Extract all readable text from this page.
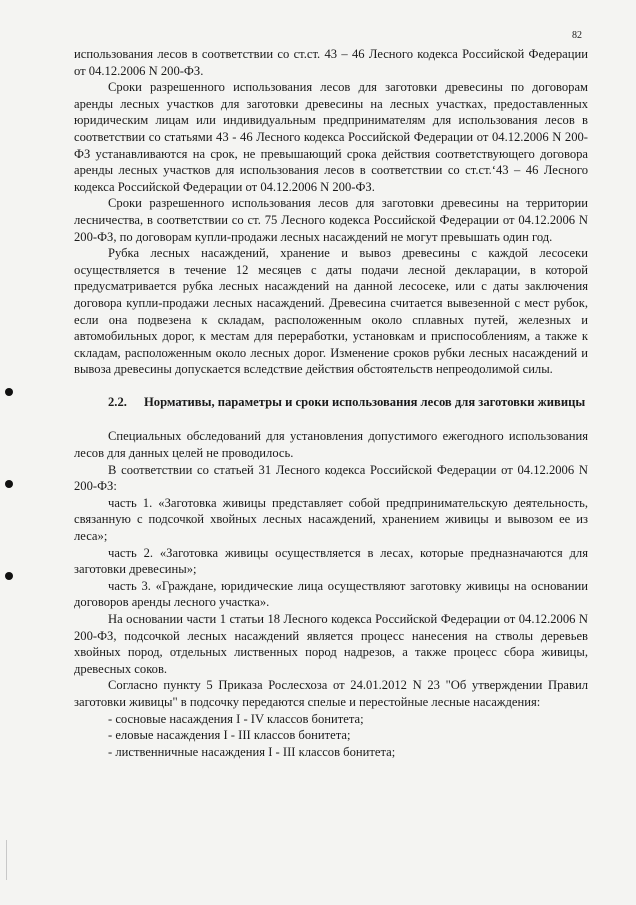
82

использования лесов в соответствии со ст.ст. 43 – 46 Лесного кодекса Российской Федерации от 04.12.2006 N 200-ФЗ.

Сроки разрешенного использования лесов для заготовки древесины по договорам аренды лесных участков для заготовки древесины на лесных участках, предоставленных юридическим лицам или индивидуальным предпринимателям для использования лесов в соответствии со статьями 43 - 46 Лесного кодекса Российской Федерации от 04.12.2006 N 200-ФЗ устанавливаются на срок, не превышающий срока действия соответствующего договора аренды лесных участков для использования лесов в соответствии со ст.ст.‘43 – 46 Лесного кодекса Российской Федерации от 04.12.2006 N 200-ФЗ.

Сроки разрешенного использования лесов для заготовки древесины на территории лесничества, в соответствии со ст. 75 Лесного кодекса Российской Федерации от 04.12.2006 N 200-ФЗ, по договорам купли-продажи лесных насаждений не могут превышать один год.

Рубка лесных насаждений, хранение и вывоз древесины с каждой лесосеки осуществляется в течение 12 месяцев с даты подачи лесной декларации, в которой предусматривается рубка лесных насаждений на данной лесосеке, или с даты заключения договора купли-продажи лесных насаждений. Древесина считается вывезенной с мест рубок, если она подвезена к складам, расположенным около сплавных путей, железных и автомобильных дорог, к местам для переработки, установкам и приспособлениям, а также к складам, расположенным около лесных дорог. Изменение сроков рубки лесных насаждений и вывоза древесины допускается вследствие действия обстоятельств непреодолимой силы.

2.2.	Нормативы, параметры и сроки использования лесов для заготовки живицы

Специальных обследований для установления допустимого ежегодного использования лесов для данных целей не проводилось.

В соответствии со статьей 31 Лесного кодекса Российской Федерации от 04.12.2006 N 200-ФЗ:

часть 1. «Заготовка живицы представляет собой предпринимательскую деятельность, связанную с подсочкой хвойных лесных насаждений, хранением живицы и вывозом ее из леса»;

часть 2. «Заготовка живицы осуществляется в лесах, которые предназначаются для заготовки древесины»;

часть 3. «Граждане, юридические лица осуществляют заготовку живицы на основании договоров аренды лесного участка».

На основании части 1 статьи 18 Лесного кодекса Российской Федерации от 04.12.2006 N 200-ФЗ, подсочкой лесных насаждений является процесс нанесения на стволы деревьев хвойных пород, отдельных лиственных пород надрезов, а также процесс сбора живицы, древесных соков.

Согласно пункту 5 Приказа Рослесхоза от 24.01.2012 N 23 "Об утверждении Правил заготовки живицы" в подсочку передаются спелые и перестойные лесные насаждения:

- сосновые насаждения I - IV классов бонитета;

- еловые насаждения I - III классов бонитета;

- лиственничные насаждения I - III классов бонитета;
